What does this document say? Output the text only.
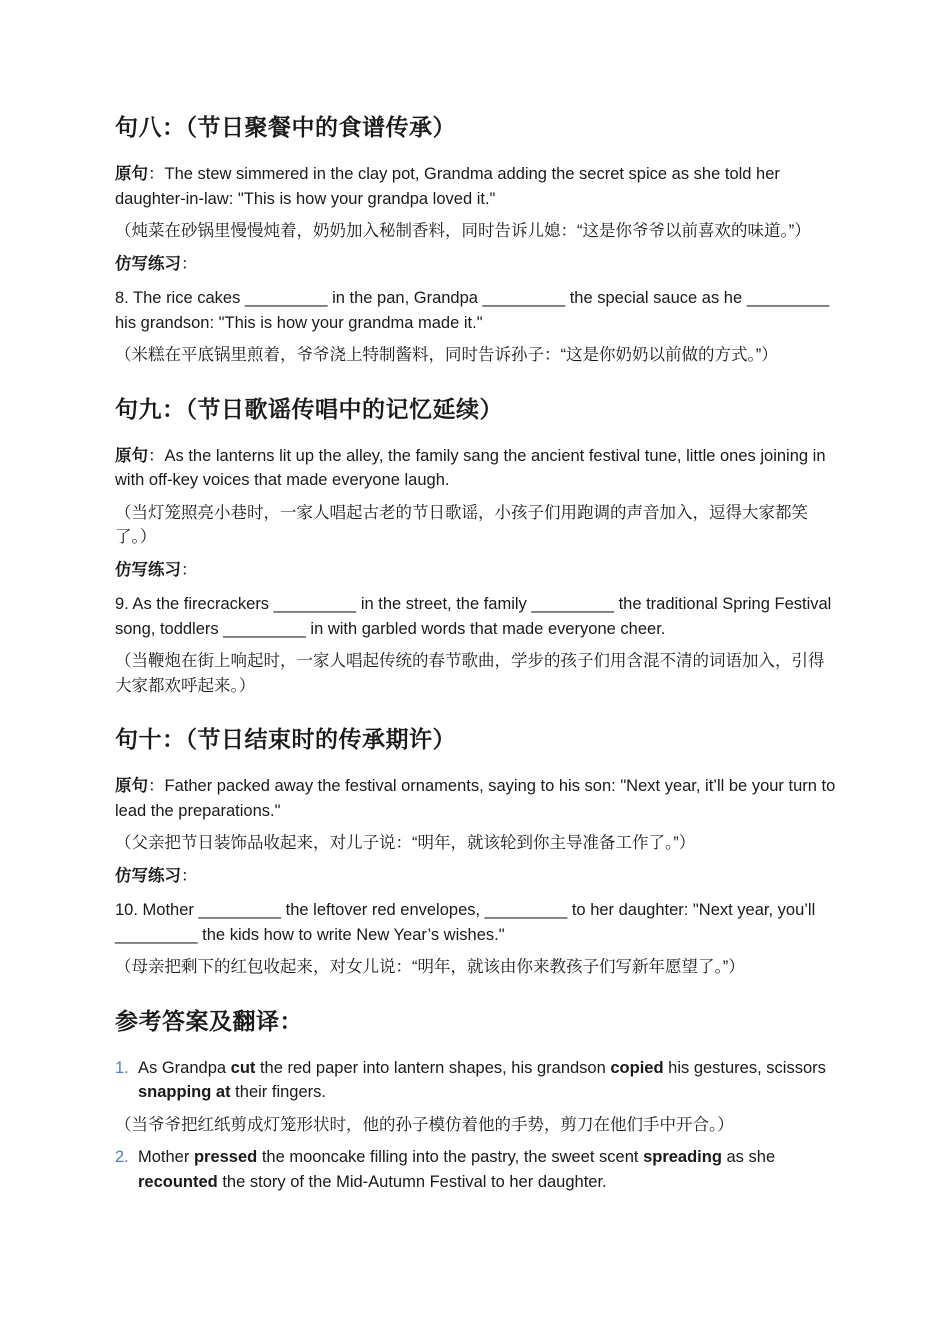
句八：（节日聚餐中的食谱传承）

原句：The stew simmered in the clay pot, Grandma adding the secret spice as she told her daughter-in-law: "This is how your grandpa loved it."

（炖菜在砂锅里慢慢炖着，奶奶加入秘制香料，同时告诉儿媳：“这是你爷爷以前喜欢的味道。”）

仿写练习：

8. The rice cakes _________ in the pan, Grandpa _________ the special sauce as he _________ his grandson: "This is how your grandma made it."

（米糕在平底锅里煎着，爷爷浇上特制酱料，同时告诉孙子：“这是你奶奶以前做的方式。”）

句九：（节日歌谣传唱中的记忆延续）

原句：As the lanterns lit up the alley, the family sang the ancient festival tune, little ones joining in with off-key voices that made everyone laugh.

（当灯笼照亮小巷时，一家人唱起古老的节日歌谣，小孩子们用跑调的声音加入，逗得大家都笑了。）

仿写练习：

9. As the firecrackers _________ in the street, the family _________ the traditional Spring Festival song, toddlers _________ in with garbled words that made everyone cheer.

（当鞭炮在街上响起时，一家人唱起传统的春节歌曲，学步的孩子们用含混不清的词语加入，引得大家都欢呼起来。）

句十：（节日结束时的传承期许）

原句：Father packed away the festival ornaments, saying to his son: "Next year, it’ll be your turn to lead the preparations."

（父亲把节日装饰品收起来，对儿子说：“明年，就该轮到你主导准备工作了。”）

仿写练习：

10. Mother _________ the leftover red envelopes, _________ to her daughter: "Next year, you’ll _________ the kids how to write New Year’s wishes."

（母亲把剩下的红包收起来，对女儿说：“明年，就该由你来教孩子们写新年愿望了。”）

参考答案及翻译：
1. As Grandpa cut the red paper into lantern shapes, his grandson copied his gestures, scissors snapping at their fingers.

（当爷爷把红纸剪成灯笼形状时，他的孙子模仿着他的手势，剪刀在他们手中开合。）

2. Mother pressed the mooncake filling into the pastry, the sweet scent spreading as she recounted the story of the Mid-Autumn Festival to her daughter.
